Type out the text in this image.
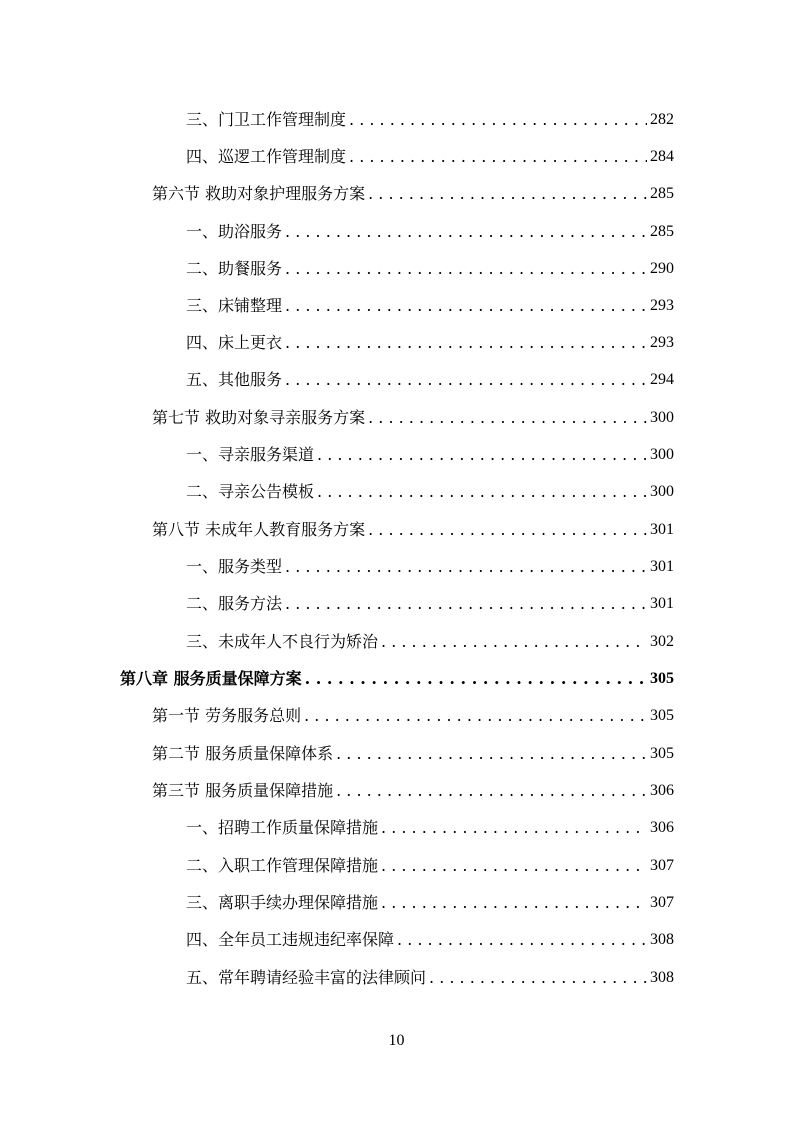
三、门卫工作管理制度 . . .	282
四、巡逻工作管理制度 . . .	284
第六节 救助对象护理服务方案 . . .	285
一、助浴服务 . . .	285
二、助餐服务 . . .	290
三、床铺整理 . . .	293
四、床上更衣 . . .	293
五、其他服务 . . .	294
第七节 救助对象寻亲服务方案 . . .	300
一、寻亲服务渠道 . . .	300
二、寻亲公告模板 . . .	300
第八节 未成年人教育服务方案 . . .	301
一、服务类型 . . .	301
二、服务方法 . . .	301
三、未成年人不良行为矫治 . . .	302
第八章 服务质量保障方案 . . .	305
第一节 劳务服务总则 . . .	305
第二节 服务质量保障体系 . . .	305
第三节 服务质量保障措施 . . .	306
一、招聘工作质量保障措施 . . .	306
二、入职工作管理保障措施 . . .	307
三、离职手续办理保障措施 . . .	307
四、全年员工违规违纪率保障 . . .	308
五、常年聘请经验丰富的法律顾问 . . .	308
10
